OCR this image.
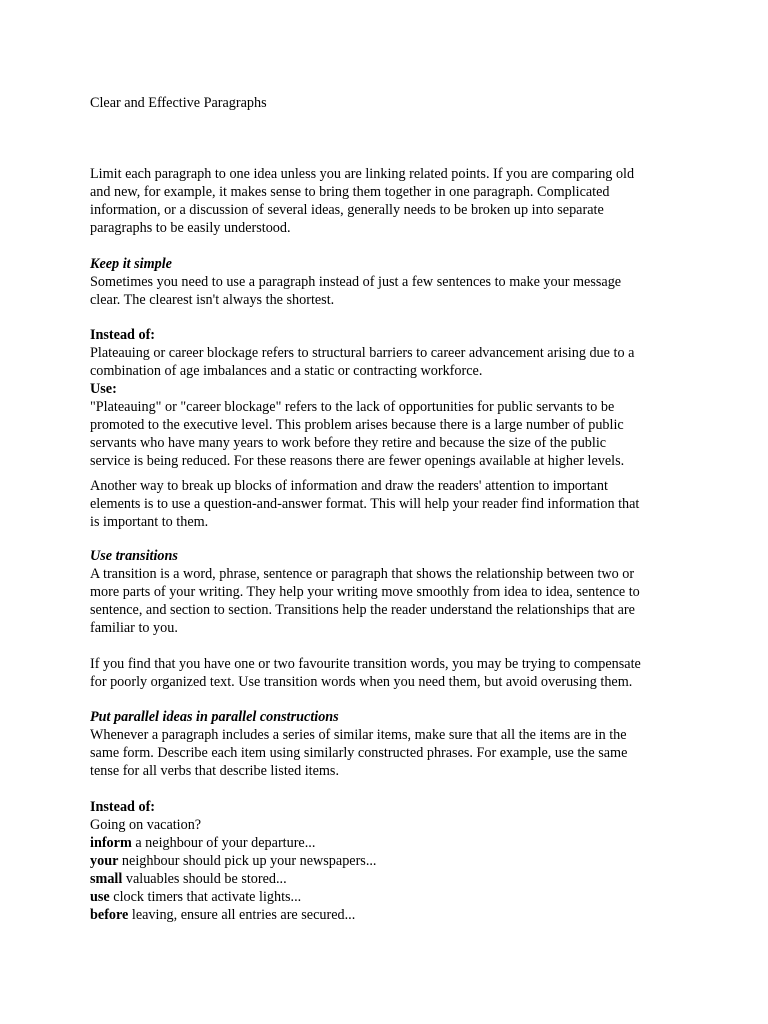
Clear and Effective Paragraphs
Limit each paragraph to one idea unless you are linking related points. If you are comparing old
and new, for example, it makes sense to bring them together in one paragraph. Complicated
information, or a discussion of several ideas, generally needs to be broken up into separate
paragraphs to be easily understood.
Keep it simple
Sometimes you need to use a paragraph instead of just a few sentences to make your message
clear. The clearest isn't always the shortest.
Instead of:
Plateauing or career blockage refers to structural barriers to career advancement arising due to a
combination of age imbalances and a static or contracting workforce.
Use:
"Plateauing" or "career blockage" refers to the lack of opportunities for public servants to be
promoted to the executive level. This problem arises because there is a large number of public
servants who have many years to work before they retire and because the size of the public
service is being reduced. For these reasons there are fewer openings available at higher levels.
Another way to break up blocks of information and draw the readers' attention to important
elements is to use a question-and-answer format. This will help your reader find information that
is important to them.
Use transitions
A transition is a word, phrase, sentence or paragraph that shows the relationship between two or
more parts of your writing. They help your writing move smoothly from idea to idea, sentence to
sentence, and section to section. Transitions help the reader understand the relationships that are
familiar to you.
If you find that you have one or two favourite transition words, you may be trying to compensate
for poorly organized text. Use transition words when you need them, but avoid overusing them.
Put parallel ideas in parallel constructions
Whenever a paragraph includes a series of similar items, make sure that all the items are in the
same form. Describe each item using similarly constructed phrases. For example, use the same
tense for all verbs that describe listed items.
Instead of:
Going on vacation?
inform a neighbour of your departure...
your neighbour should pick up your newspapers...
small valuables should be stored...
use clock timers that activate lights...
before leaving, ensure all entries are secured...
